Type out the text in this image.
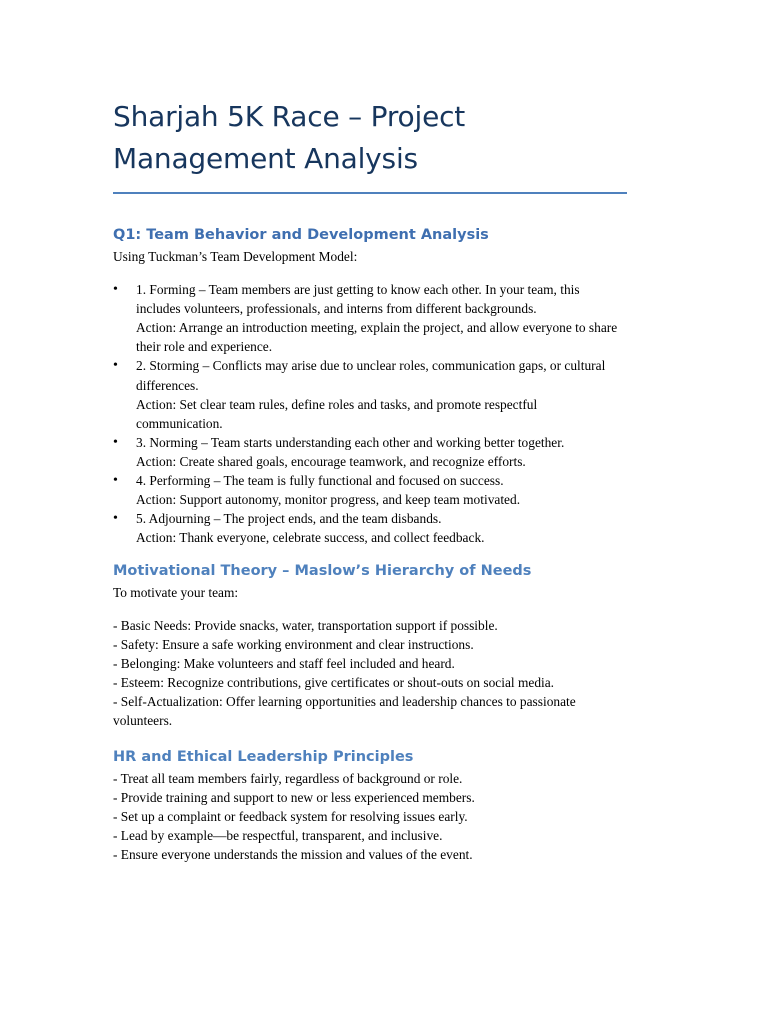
Sharjah 5K Race – Project Management Analysis
Q1: Team Behavior and Development Analysis

Using Tuckman’s Team Development Model:

• 1. Forming – Team members are just getting to know each other. In your team, this includes volunteers, professionals, and interns from different backgrounds.
Action: Arrange an introduction meeting, explain the project, and allow everyone to share their role and experience.
• 2. Storming – Conflicts may arise due to unclear roles, communication gaps, or cultural differences.
Action: Set clear team rules, define roles and tasks, and promote respectful communication.
• 3. Norming – Team starts understanding each other and working better together.
Action: Create shared goals, encourage teamwork, and recognize efforts.
• 4. Performing – The team is fully functional and focused on success.
Action: Support autonomy, monitor progress, and keep team motivated.
• 5. Adjourning – The project ends, and the team disbands.
Action: Thank everyone, celebrate success, and collect feedback.
Motivational Theory – Maslow’s Hierarchy of Needs

To motivate your team:

- Basic Needs: Provide snacks, water, transportation support if possible.

- Safety: Ensure a safe working environment and clear instructions.

- Belonging: Make volunteers and staff feel included and heard.

- Esteem: Recognize contributions, give certificates or shout-outs on social media.

- Self-Actualization: Offer learning opportunities and leadership chances to passionate volunteers.

HR and Ethical Leadership Principles

- Treat all team members fairly, regardless of background or role.

- Provide training and support to new or less experienced members.

- Set up a complaint or feedback system for resolving issues early.

- Lead by example—be respectful, transparent, and inclusive.

- Ensure everyone understands the mission and values of the event.
